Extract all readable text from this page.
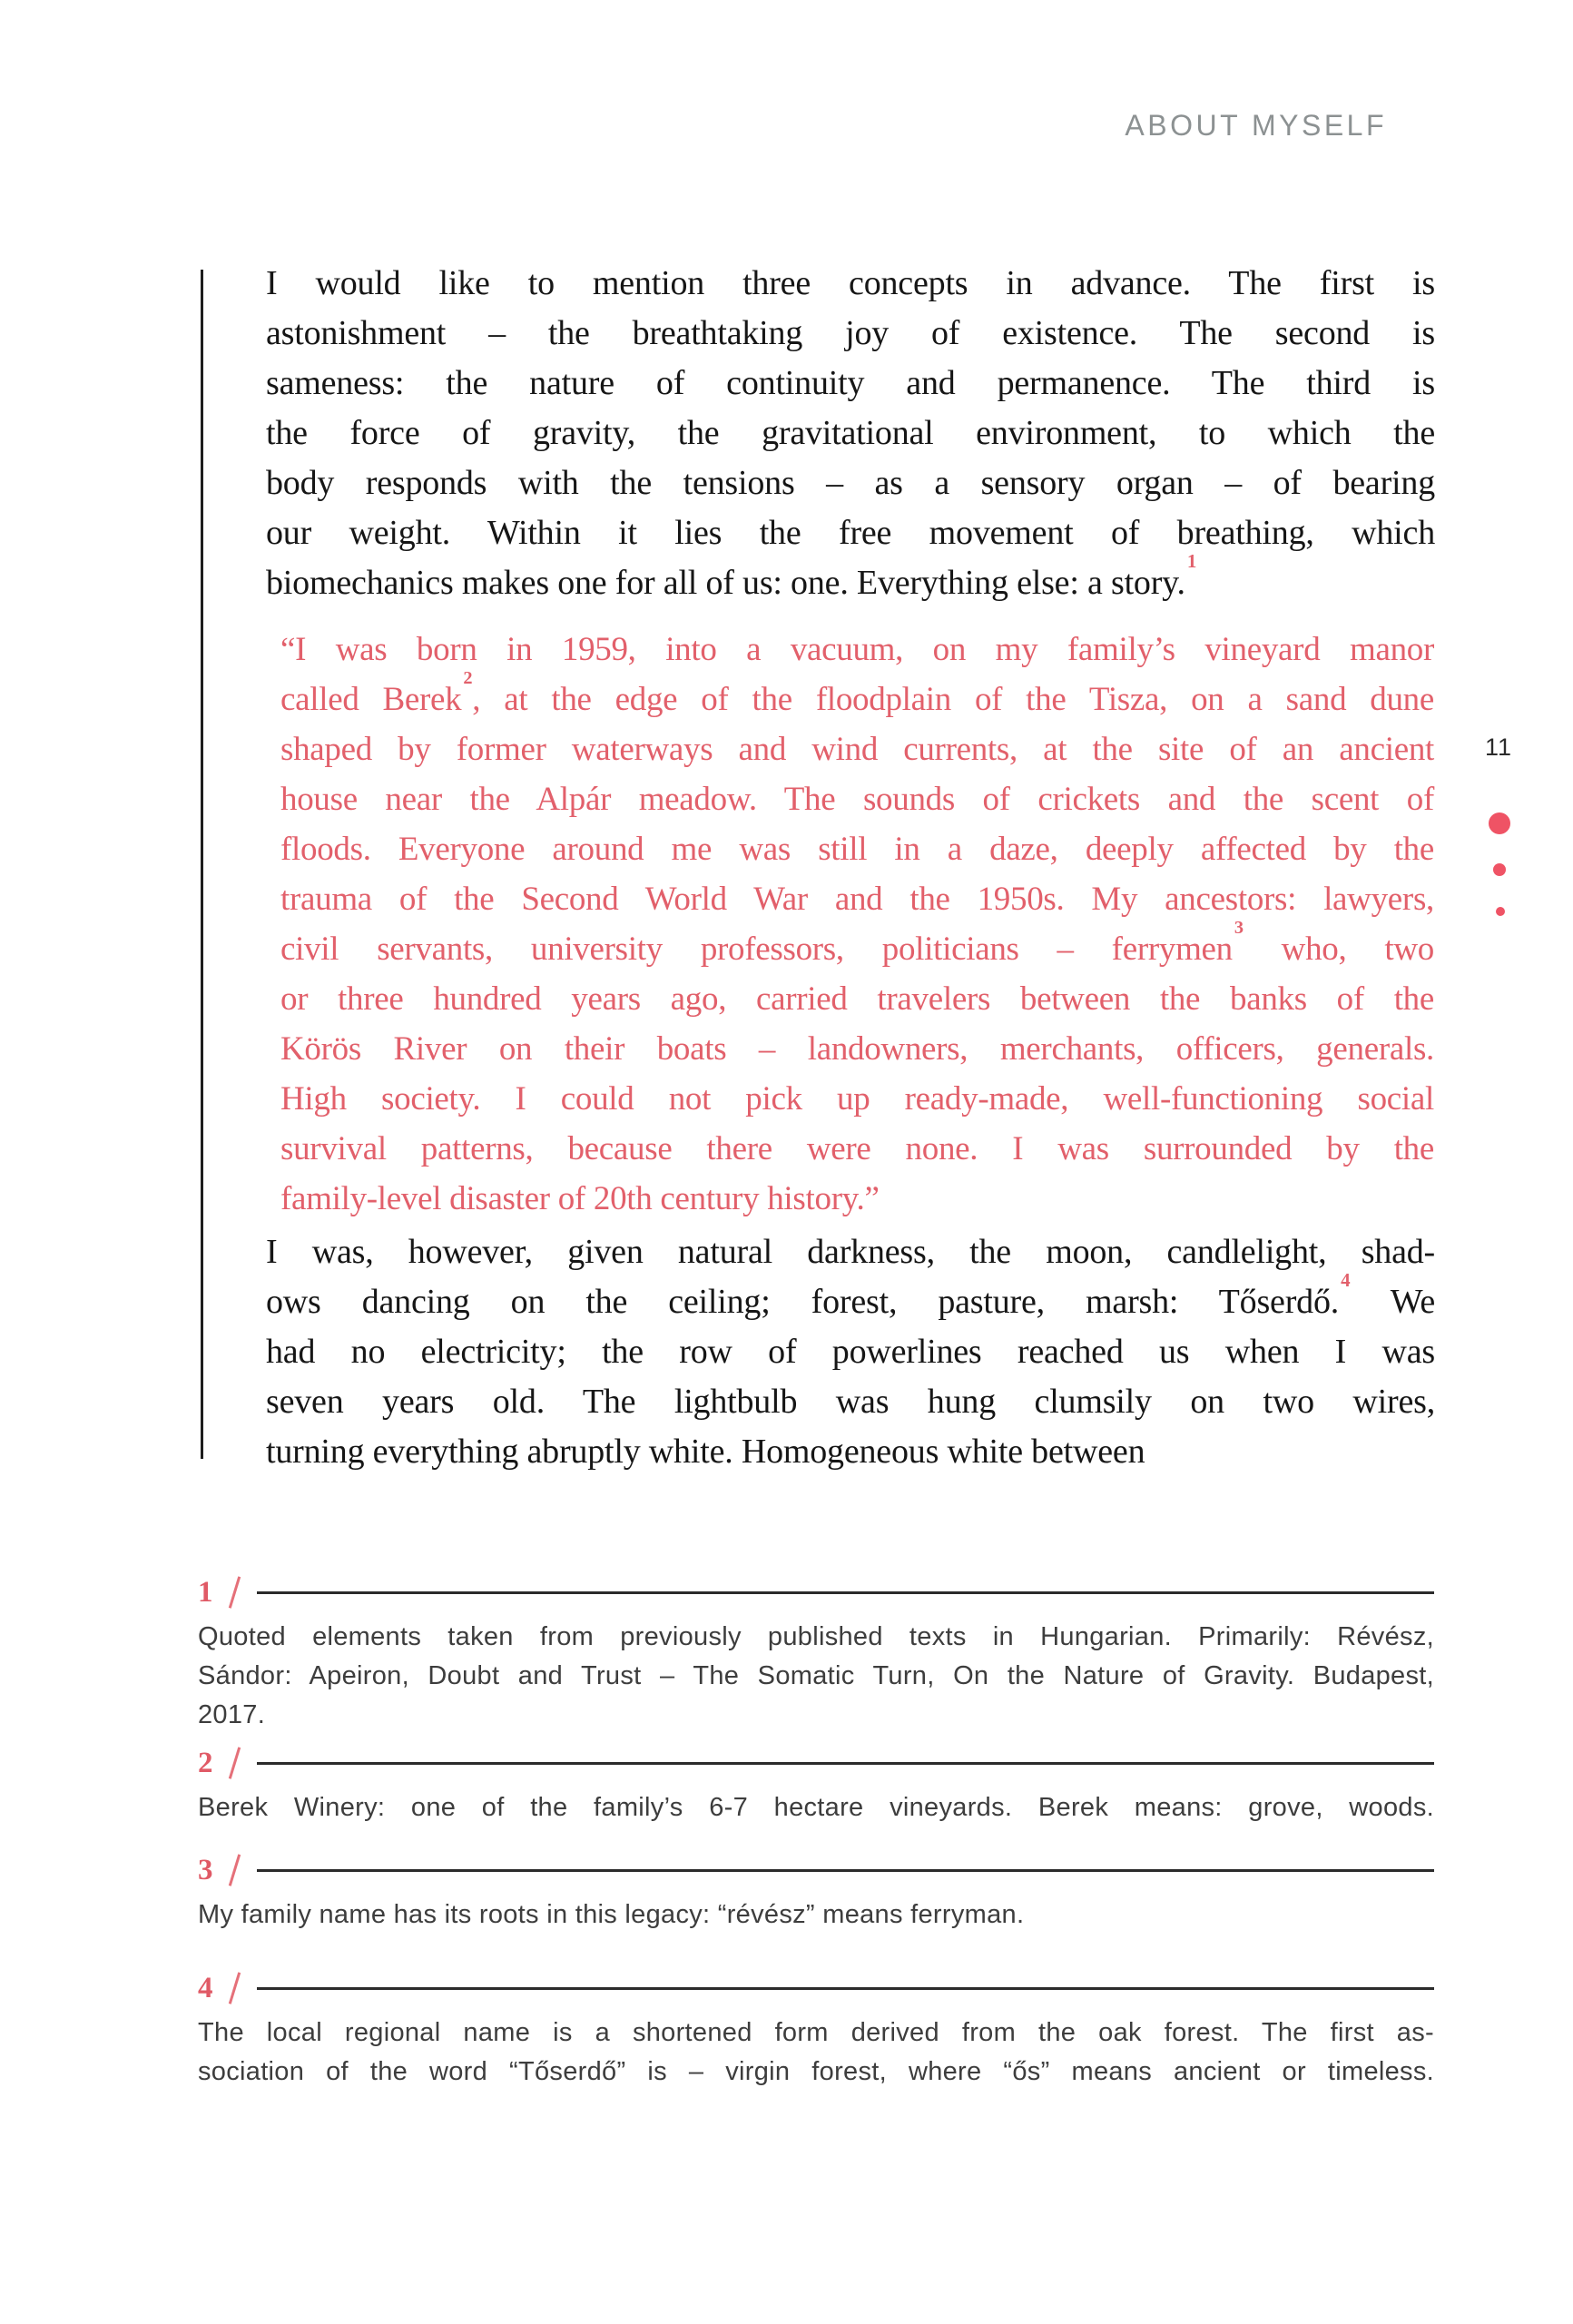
ABOUT MYSELF
I would like to mention three concepts in advance. The first is
astonishment – the breathtaking joy of existence. The second is
sameness: the nature of continuity and permanence. The third is
the force of gravity, the gravitational environment, to which the
body responds with the tensions – as a sensory organ – of bearing
our weight. Within it lies the free movement of breathing, which
biomechanics makes one for all of us: one. Everything else: a story.$^1$
“I was born in 1959, into a vacuum, on my family’s vineyard manor
called Berek$^2$, at the edge of the floodplain of the Tisza, on a sand dune
shaped by former waterways and wind currents, at the site of an ancient
house near the Alpár meadow. The sounds of crickets and the scent of
floods. Everyone around me was still in a daze, deeply affected by the
trauma of the Second World War and the 1950s. My ancestors: lawyers,
civil servants, university professors, politicians – ferrymen$^3$ who, two
or three hundred years ago, carried travelers between the banks of the
Körös River on their boats – landowners, merchants, officers, generals.
High society. I could not pick up ready-made, well-functioning social
survival patterns, because there were none. I was surrounded by the
family-level disaster of 20th century history.”
I was, however, given natural darkness, the moon, candlelight, shad-
ows dancing on the ceiling; forest, pasture, marsh: Tőserdő.$^4$ We
had no electricity; the row of powerlines reached us when I was
seven years old. The lightbulb was hung clumsily on two wires,
turning everything abruptly white. Homogeneous white between
11
1
Quoted elements taken from previously published texts in Hungarian. Primarily: Révész,
Sándor: Apeiron, Doubt and Trust – The Somatic Turn, On the Nature of Gravity. Budapest,
2017.
2
Berek Winery: one of the family’s 6-7 hectare vineyards. Berek means: grove, woods.
3
My family name has its roots in this legacy: “révész” means ferryman.
4
The local regional name is a shortened form derived from the oak forest. The first as-
sociation of the word “Tőserdő” is – virgin forest, where “ős” means ancient or timeless.
